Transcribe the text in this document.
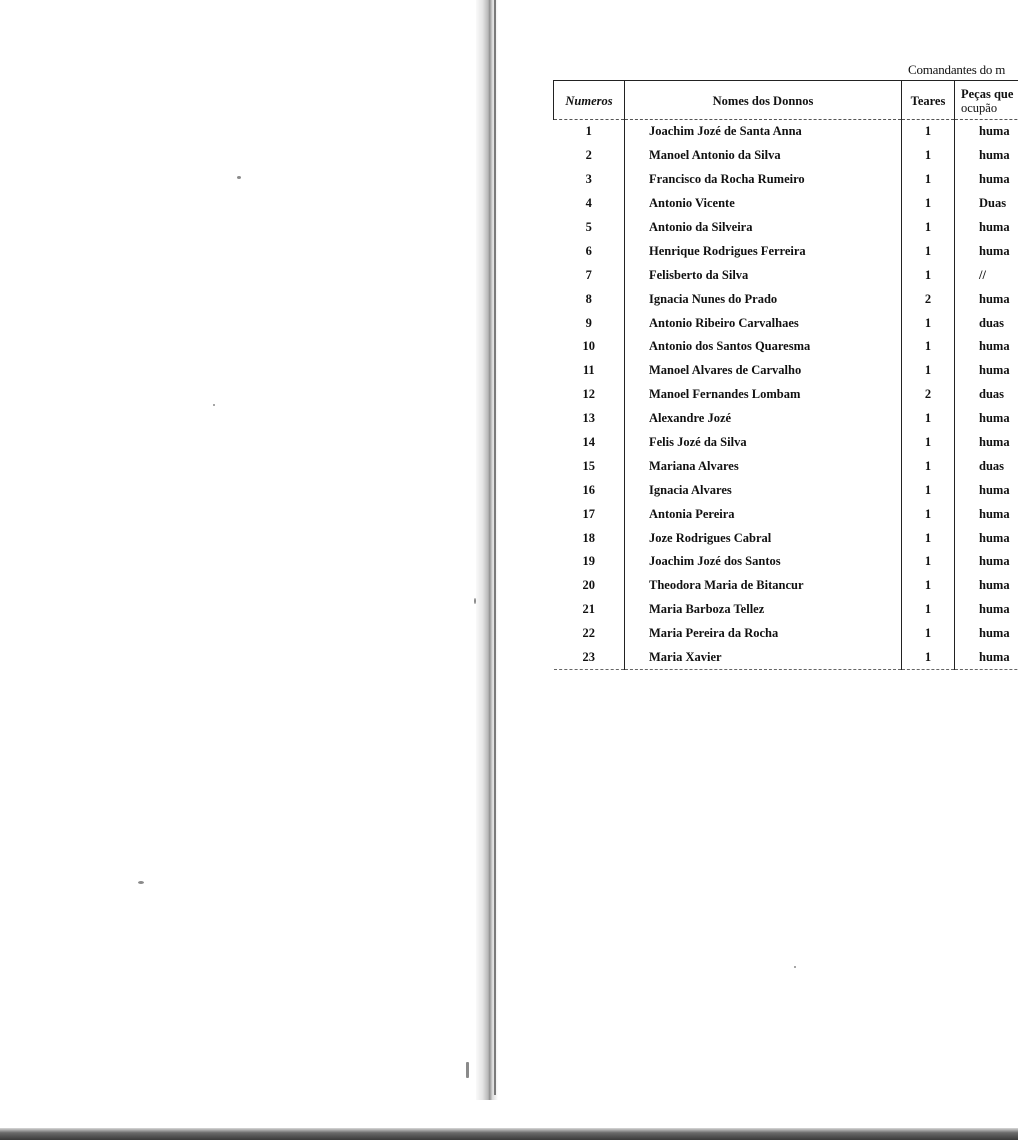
Comandantes do m
Numeros	Nomes dos Donnos	Teares	Peças que
ocupão

1	Joachim Jozé de Santa Anna	1	huma
2	Manoel Antonio da Silva	1	huma
3	Francisco da Rocha Rumeiro	1	huma
4	Antonio Vicente	1	Duas
5	Antonio da Silveira	1	huma
6	Henrique Rodrigues Ferreira	1	huma
7	Felisberto da Silva	1	//
8	Ignacia Nunes do Prado	2	huma
9	Antonio Ribeiro Carvalhaes	1	duas
10	Antonio dos Santos Quaresma	1	huma
11	Manoel Alvares de Carvalho	1	huma
12	Manoel Fernandes Lombam	2	duas
13	Alexandre Jozé	1	huma
14	Felis Jozé da Silva	1	huma
15	Mariana Alvares	1	duas
16	Ignacia Alvares	1	huma
17	Antonia Pereira	1	huma
18	Joze Rodrigues Cabral	1	huma
19	Joachim Jozé dos Santos	1	huma
20	Theodora Maria de Bitancur	1	huma
21	Maria Barboza Tellez	1	huma
22	Maria Pereira da Rocha	1	huma
23	Maria Xavier	1	huma
